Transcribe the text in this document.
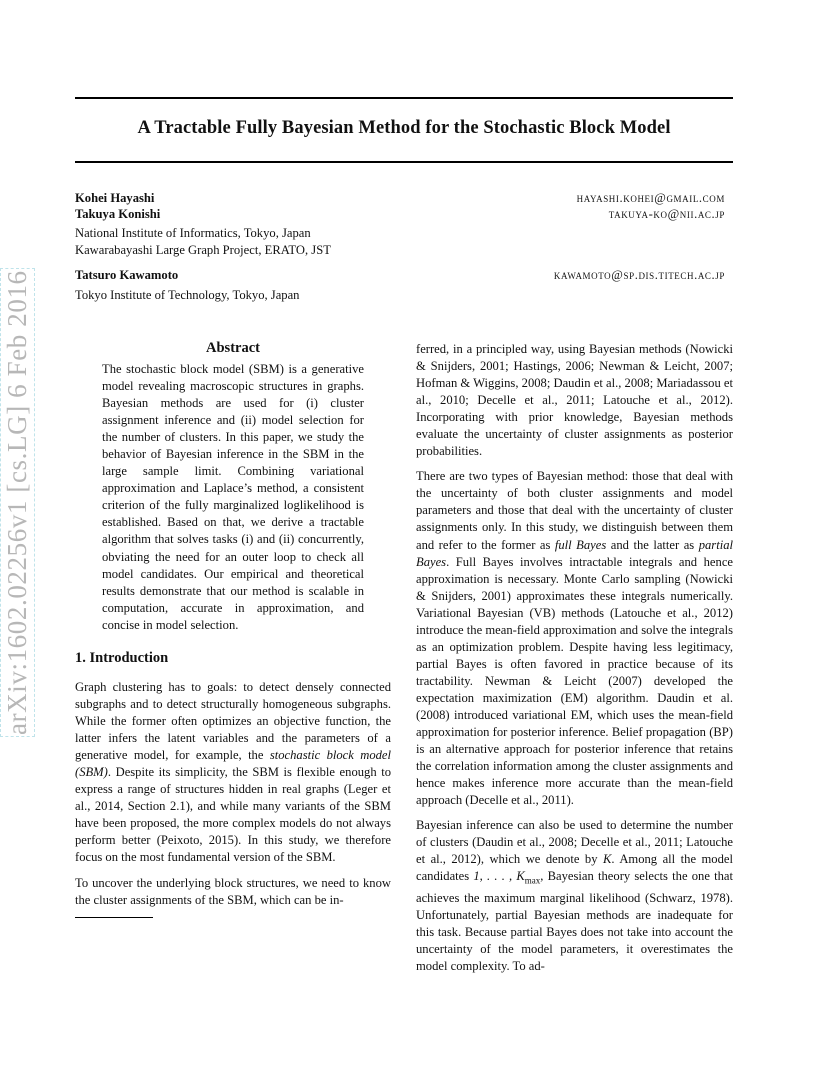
arXiv:1602.02256v1 [cs.LG] 6 Feb 2016
A Tractable Fully Bayesian Method for the Stochastic Block Model
Kohei Hayashi	hayashi.kohei@gmail.com
Takuya Konishi	takuya-ko@nii.ac.jp
National Institute of Informatics, Tokyo, Japan
Kawarabayashi Large Graph Project, ERATO, JST
Tatsuro Kawamoto	kawamoto@sp.dis.titech.ac.jp
Tokyo Institute of Technology, Tokyo, Japan
Abstract

The stochastic block model (SBM) is a generative model revealing macroscopic structures in graphs. Bayesian methods are used for (i) cluster assignment inference and (ii) model selection for the number of clusters. In this paper, we study the behavior of Bayesian inference in the SBM in the large sample limit. Combining variational approximation and Laplace’s method, a consistent criterion of the fully marginalized loglikelihood is established. Based on that, we derive a tractable algorithm that solves tasks (i) and (ii) concurrently, obviating the need for an outer loop to check all model candidates. Our empirical and theoretical results demonstrate that our method is scalable in computation, accurate in approximation, and concise in model selection.

1. Introduction

Graph clustering has to goals: to detect densely connected subgraphs and to detect structurally homogeneous subgraphs. While the former often optimizes an objective function, the latter infers the latent variables and the parameters of a generative model, for example, the stochastic block model (SBM). Despite its simplicity, the SBM is flexible enough to express a range of structures hidden in real graphs (Leger et al., 2014, Section 2.1), and while many variants of the SBM have been proposed, the more complex models do not always perform better (Peixoto, 2015). In this study, we therefore focus on the most fundamental version of the SBM.

To uncover the underlying block structures, we need to know the cluster assignments of the SBM, which can be in-

ferred, in a principled way, using Bayesian methods (Nowicki & Snijders, 2001; Hastings, 2006; Newman & Leicht, 2007; Hofman & Wiggins, 2008; Daudin et al., 2008; Mariadassou et al., 2010; Decelle et al., 2011; Latouche et al., 2012). Incorporating with prior knowledge, Bayesian methods evaluate the uncertainty of cluster assignments as posterior probabilities.

There are two types of Bayesian method: those that deal with the uncertainty of both cluster assignments and model parameters and those that deal with the uncertainty of cluster assignments only. In this study, we distinguish between them and refer to the former as full Bayes and the latter as partial Bayes. Full Bayes involves intractable integrals and hence approximation is necessary. Monte Carlo sampling (Nowicki & Snijders, 2001) approximates these integrals numerically. Variational Bayesian (VB) methods (Latouche et al., 2012) introduce the mean-field approximation and solve the integrals as an optimization problem. Despite having less legitimacy, partial Bayes is often favored in practice because of its tractability. Newman & Leicht (2007) developed the expectation maximization (EM) algorithm. Daudin et al. (2008) introduced variational EM, which uses the mean-field approximation for posterior inference. Belief propagation (BP) is an alternative approach for posterior inference that retains the correlation information among the cluster assignments and hence makes inference more accurate than the mean-field approach (Decelle et al., 2011).

Bayesian inference can also be used to determine the number of clusters (Daudin et al., 2008; Decelle et al., 2011; Latouche et al., 2012), which we denote by K. Among all the model candidates 1, . . . , $K_{max}$, Bayesian theory selects the one that achieves the maximum marginal likelihood (Schwarz, 1978). Unfortunately, partial Bayesian methods are inadequate for this task. Because partial Bayes does not take into account the uncertainty of the model parameters, it overestimates the model complexity. To ad-
